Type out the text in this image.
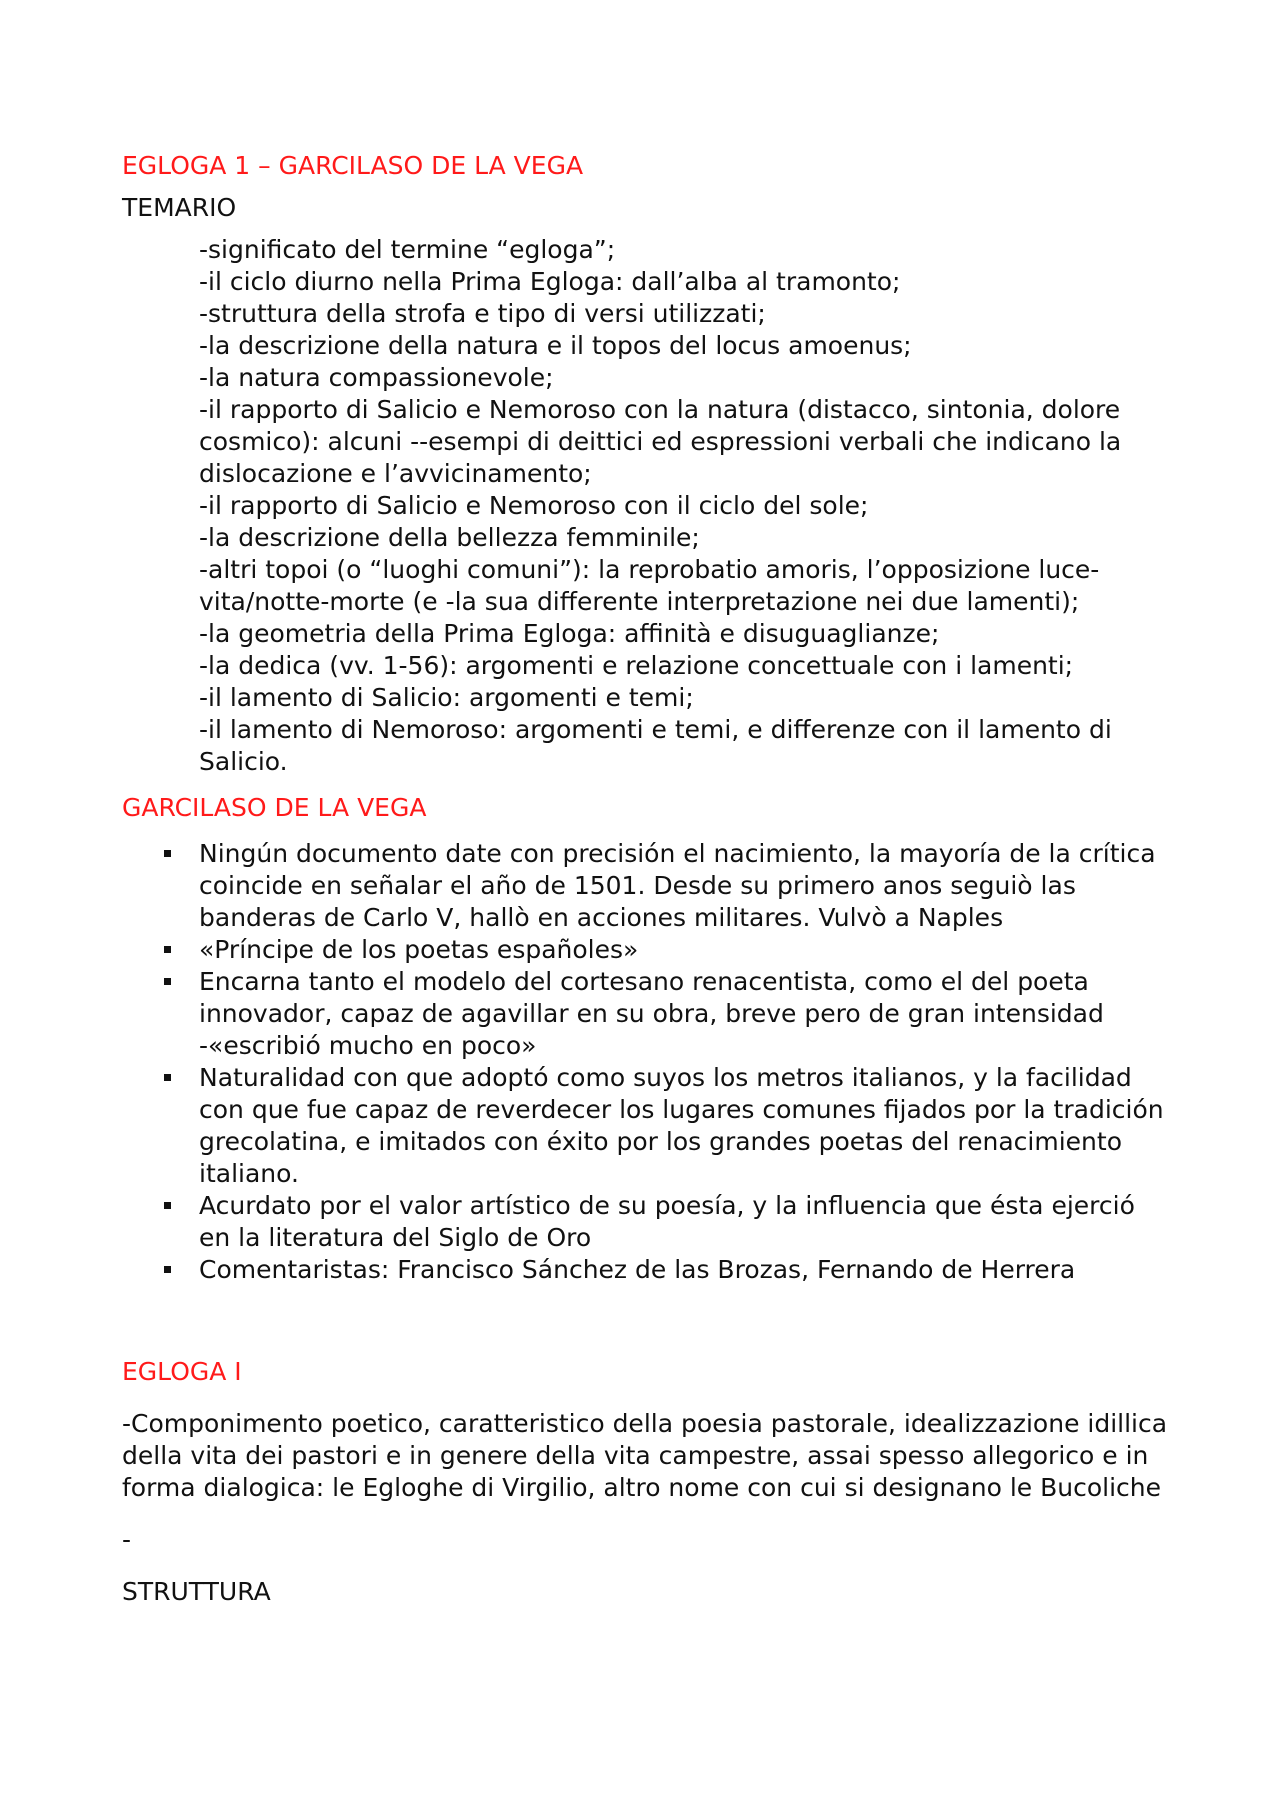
EGLOGA 1 – GARCILASO DE LA VEGA
TEMARIO
-significato del termine “egloga”;
-il ciclo diurno nella Prima Egloga: dall’alba al tramonto;
-struttura della strofa e tipo di versi utilizzati;
-la descrizione della natura e il topos del locus amoenus;
-la natura compassionevole;
-il rapporto di Salicio e Nemoroso con la natura (distacco, sintonia, dolore cosmico): alcuni --esempi di deittici ed espressioni verbali che indicano la dislocazione e l’avvicinamento;
-il rapporto di Salicio e Nemoroso con il ciclo del sole;
-la descrizione della bellezza femminile;
-altri topoi (o “luoghi comuni”): la reprobatio amoris, l’opposizione luce-vita/notte-morte (e -la sua differente interpretazione nei due lamenti);
-la geometria della Prima Egloga: affinità e disuguaglianze;
-la dedica (vv. 1-56): argomenti e relazione concettuale con i lamenti;
-il lamento di Salicio: argomenti e temi;
-il lamento di Nemoroso: argomenti e temi, e differenze con il lamento di Salicio.
GARCILASO DE LA VEGA
Ningún documento date con precisión el nacimiento, la mayoría de la crítica coincide en señalar el año de 1501. Desde su primero anos seguiò las banderas de Carlo V, hallò en acciones militares. Vulvò a Naples
«Príncipe de los poetas españoles»
Encarna tanto el modelo del cortesano renacentista, como el del poeta innovador, capaz de agavillar en su obra, breve pero de gran intensidad -«escribió mucho en poco»
Naturalidad con que adoptó como suyos los metros italianos, y la facilidad con que fue capaz de reverdecer los lugares comunes fijados por la tradición grecolatina, e imitados con éxito por los grandes poetas del renacimiento italiano.
Acurdato por el valor artístico de su poesía, y la influencia que ésta ejerció en la literatura del Siglo de Oro
Comentaristas: Francisco Sánchez de las Brozas, Fernando de Herrera
EGLOGA I

-Componimento poetico, caratteristico della poesia pastorale, idealizzazione idillica della vita dei pastori e in genere della vita campestre, assai spesso allegorico e in forma dialogica: le Egloghe di Virgilio, altro nome con cui si designano le Bucoliche

-

STRUTTURA
